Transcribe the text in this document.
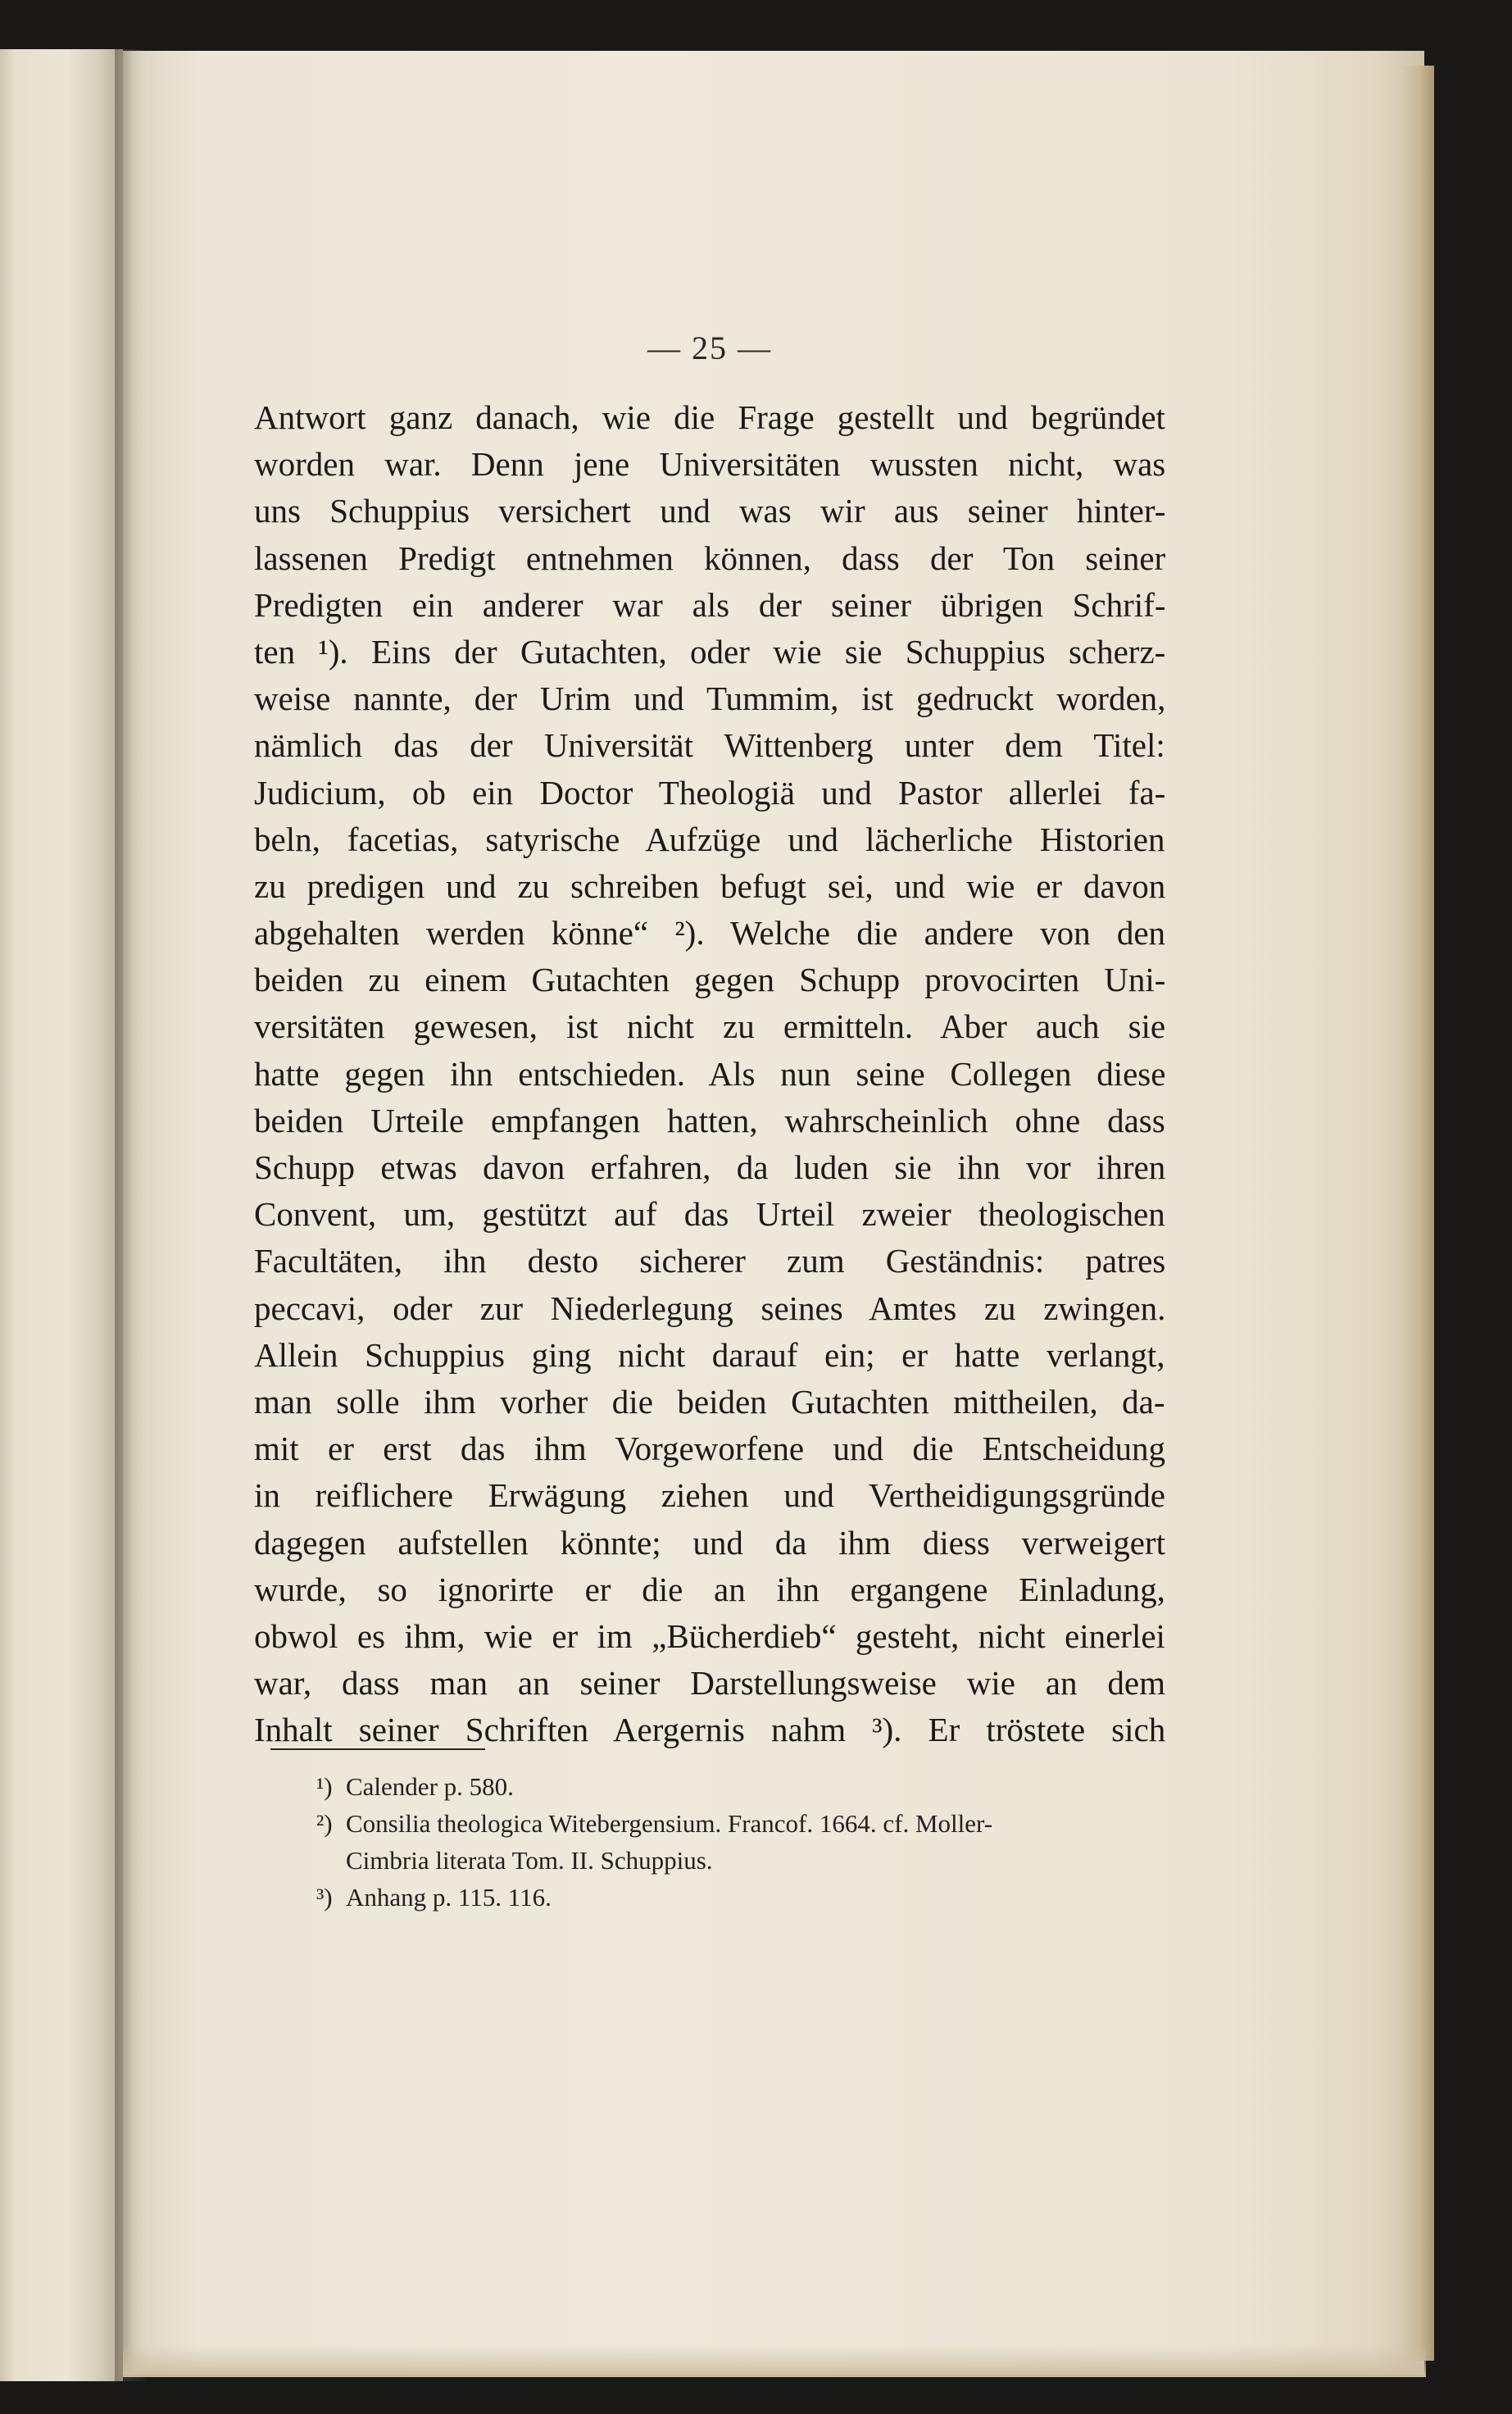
— 25 —
Antwort ganz danach, wie die Frage gestellt und begründet
worden war. Denn jene Universitäten wussten nicht, was
uns Schuppius versichert und was wir aus seiner hinter-
lassenen Predigt entnehmen können, dass der Ton seiner
Predigten ein anderer war als der seiner übrigen Schrif-
ten ¹). Eins der Gutachten, oder wie sie Schuppius scherz-
weise nannte, der Urim und Tummim, ist gedruckt worden,
nämlich das der Universität Wittenberg unter dem Titel:
Judicium, ob ein Doctor Theologiä und Pastor allerlei fa-
beln, facetias, satyrische Aufzüge und lächerliche Historien
zu predigen und zu schreiben befugt sei, und wie er davon
abgehalten werden könne“ ²). Welche die andere von den
beiden zu einem Gutachten gegen Schupp provocirten Uni-
versitäten gewesen, ist nicht zu ermitteln. Aber auch sie
hatte gegen ihn entschieden. Als nun seine Collegen diese
beiden Urteile empfangen hatten, wahrscheinlich ohne dass
Schupp etwas davon erfahren, da luden sie ihn vor ihren
Convent, um, gestützt auf das Urteil zweier theologischen
Facultäten, ihn desto sicherer zum Geständnis: patres
peccavi, oder zur Niederlegung seines Amtes zu zwingen.
Allein Schuppius ging nicht darauf ein; er hatte verlangt,
man solle ihm vorher die beiden Gutachten mittheilen, da-
mit er erst das ihm Vorgeworfene und die Entscheidung
in reiflichere Erwägung ziehen und Vertheidigungsgründe
dagegen aufstellen könnte; und da ihm diess verweigert
wurde, so ignorirte er die an ihn ergangene Einladung,
obwol es ihm, wie er im „Bücherdieb“ gesteht, nicht einerlei
war, dass man an seiner Darstellungsweise wie an dem
Inhalt seiner Schriften Aergernis nahm ³). Er tröstete sich
¹) Calender p. 580.
²) Consilia theologica Witebergensium. Francof. 1664. cf. Moller-
Cimbria literata Tom. II. Schuppius.
³) Anhang p. 115. 116.
